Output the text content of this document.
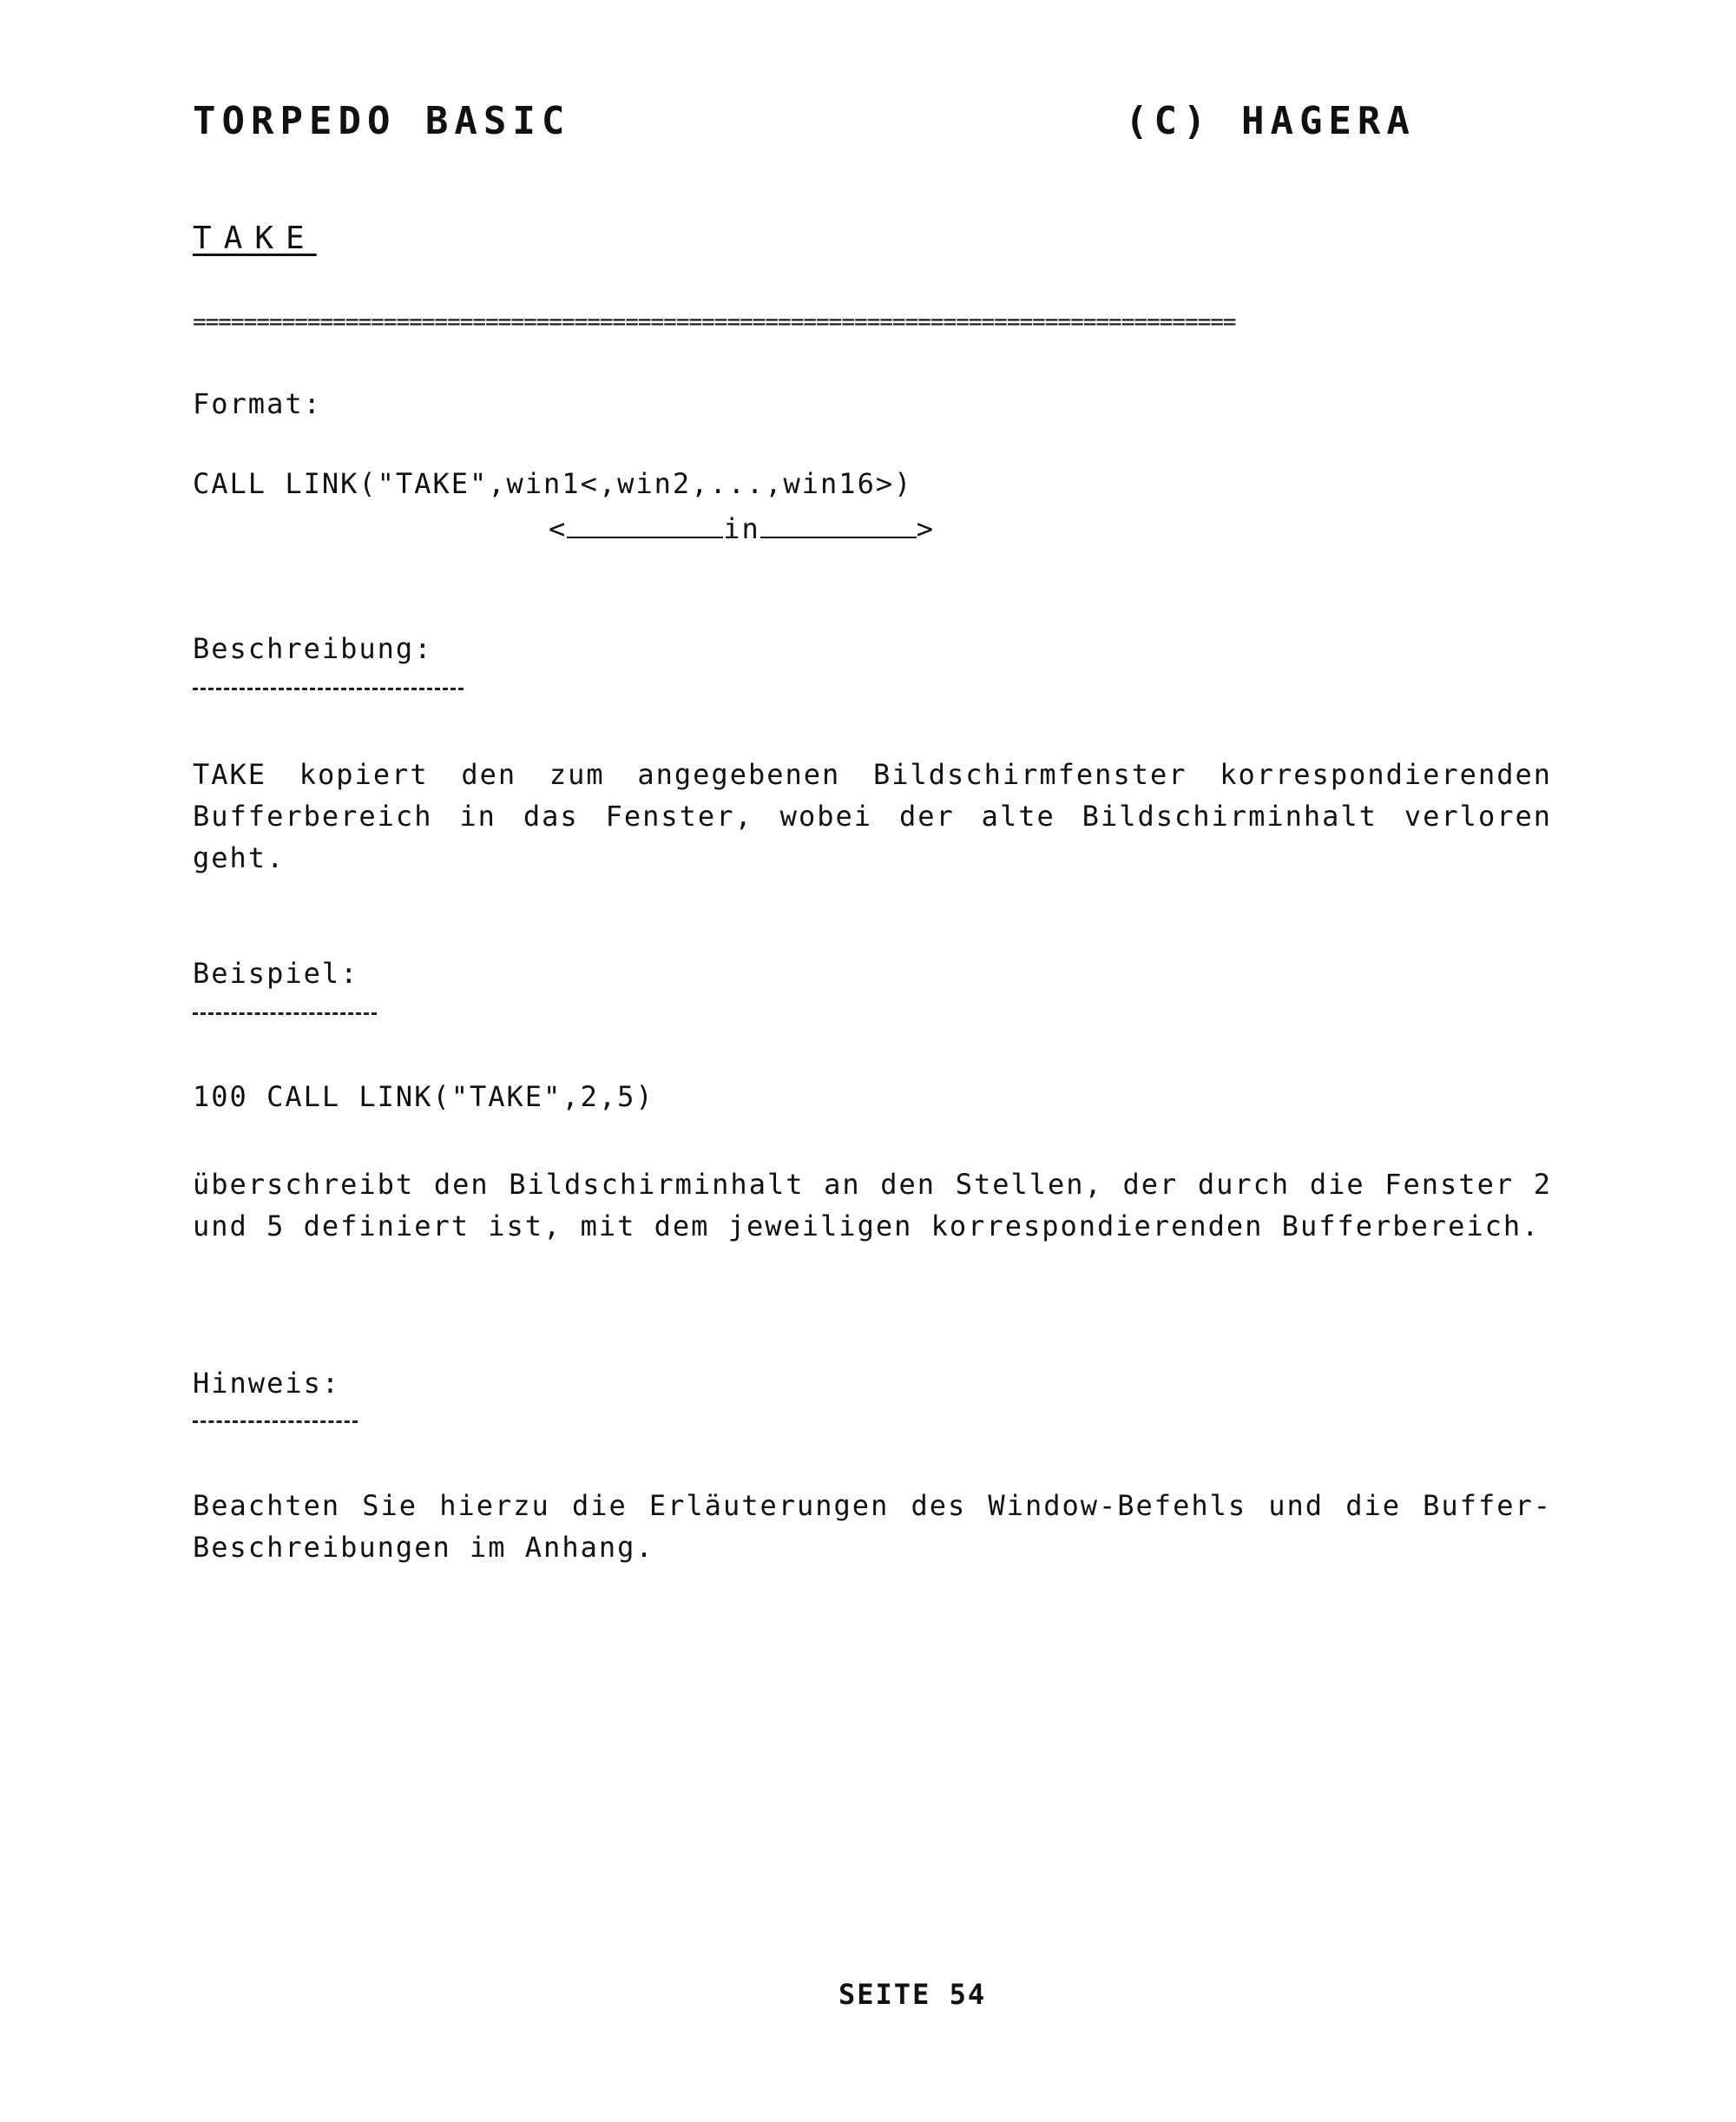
TORPEDO BASIC	(C) HAGERA
TAKE
==================================================================================
Format:
CALL LINK("TAKE",win1<,win2,...,win16>)
<	in	>
Beschreibung:
TAKE kopiert den zum angegebenen Bildschirmfenster korrespondierenden Bufferbereich in das Fenster, wobei der alte Bildschirminhalt verloren geht.
Beispiel:
100 CALL LINK("TAKE",2,5)
überschreibt den Bildschirminhalt an den Stellen, der durch die Fenster 2 und 5 definiert ist, mit dem jeweiligen korrespondierenden Bufferbereich.
Hinweis:
Beachten Sie hierzu die Erläuterungen des Window-Befehls und die Buffer-Beschreibungen im Anhang.
SEITE 54
